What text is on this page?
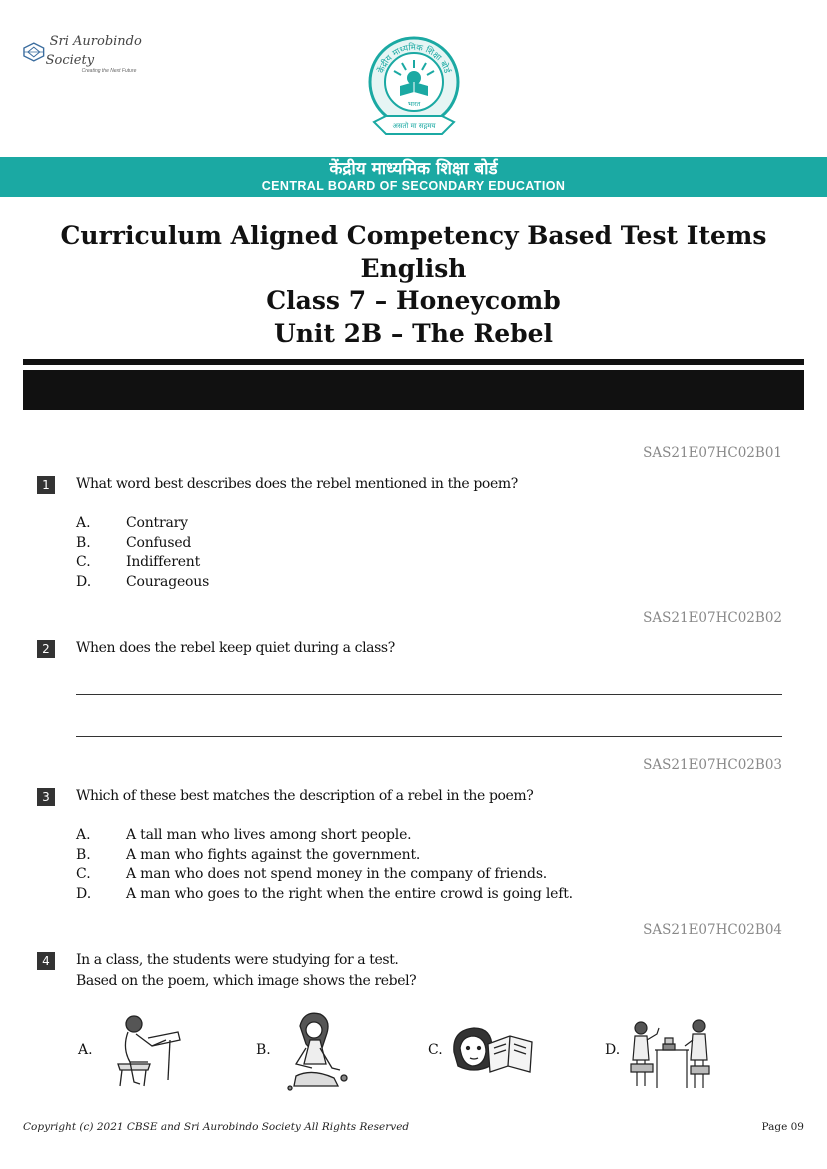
Sri Aurobindo Society
Creating the Next Future	केंद्रीय माध्यमिक शिक्षा बोर्ड
भारत
असतो मा सद्गमय
केंद्रीय माध्यमिक शिक्षा बोर्ड
CENTRAL BOARD OF SECONDARY EDUCATION
Curriculum Aligned Competency Based Test Items
English
Class 7 – Honeycomb
Unit 2B – The Rebel
SAS21E07HC02B01
1	What word best describes does the rebel mentioned in the poem?
A.	Contrary
B.	Confused
C.	Indifferent
D.	Courageous
SAS21E07HC02B02
2	When does the rebel keep quiet during a class?
SAS21E07HC02B03
3	Which of these best matches the description of a rebel in the poem?
A.	A tall man who lives among short people.
B.	A man who fights against the government.
C.	A man who does not spend money in the company of friends.
D.	A man who goes to the right when the entire crowd is going left.
SAS21E07HC02B04
4	In a class, the students were studying for a test.
Based on the poem, which image shows the rebel?
A.	B.	C.	D.
Copyright (c) 2021 CBSE and Sri Aurobindo Society All Rights Reserved	Page 09
